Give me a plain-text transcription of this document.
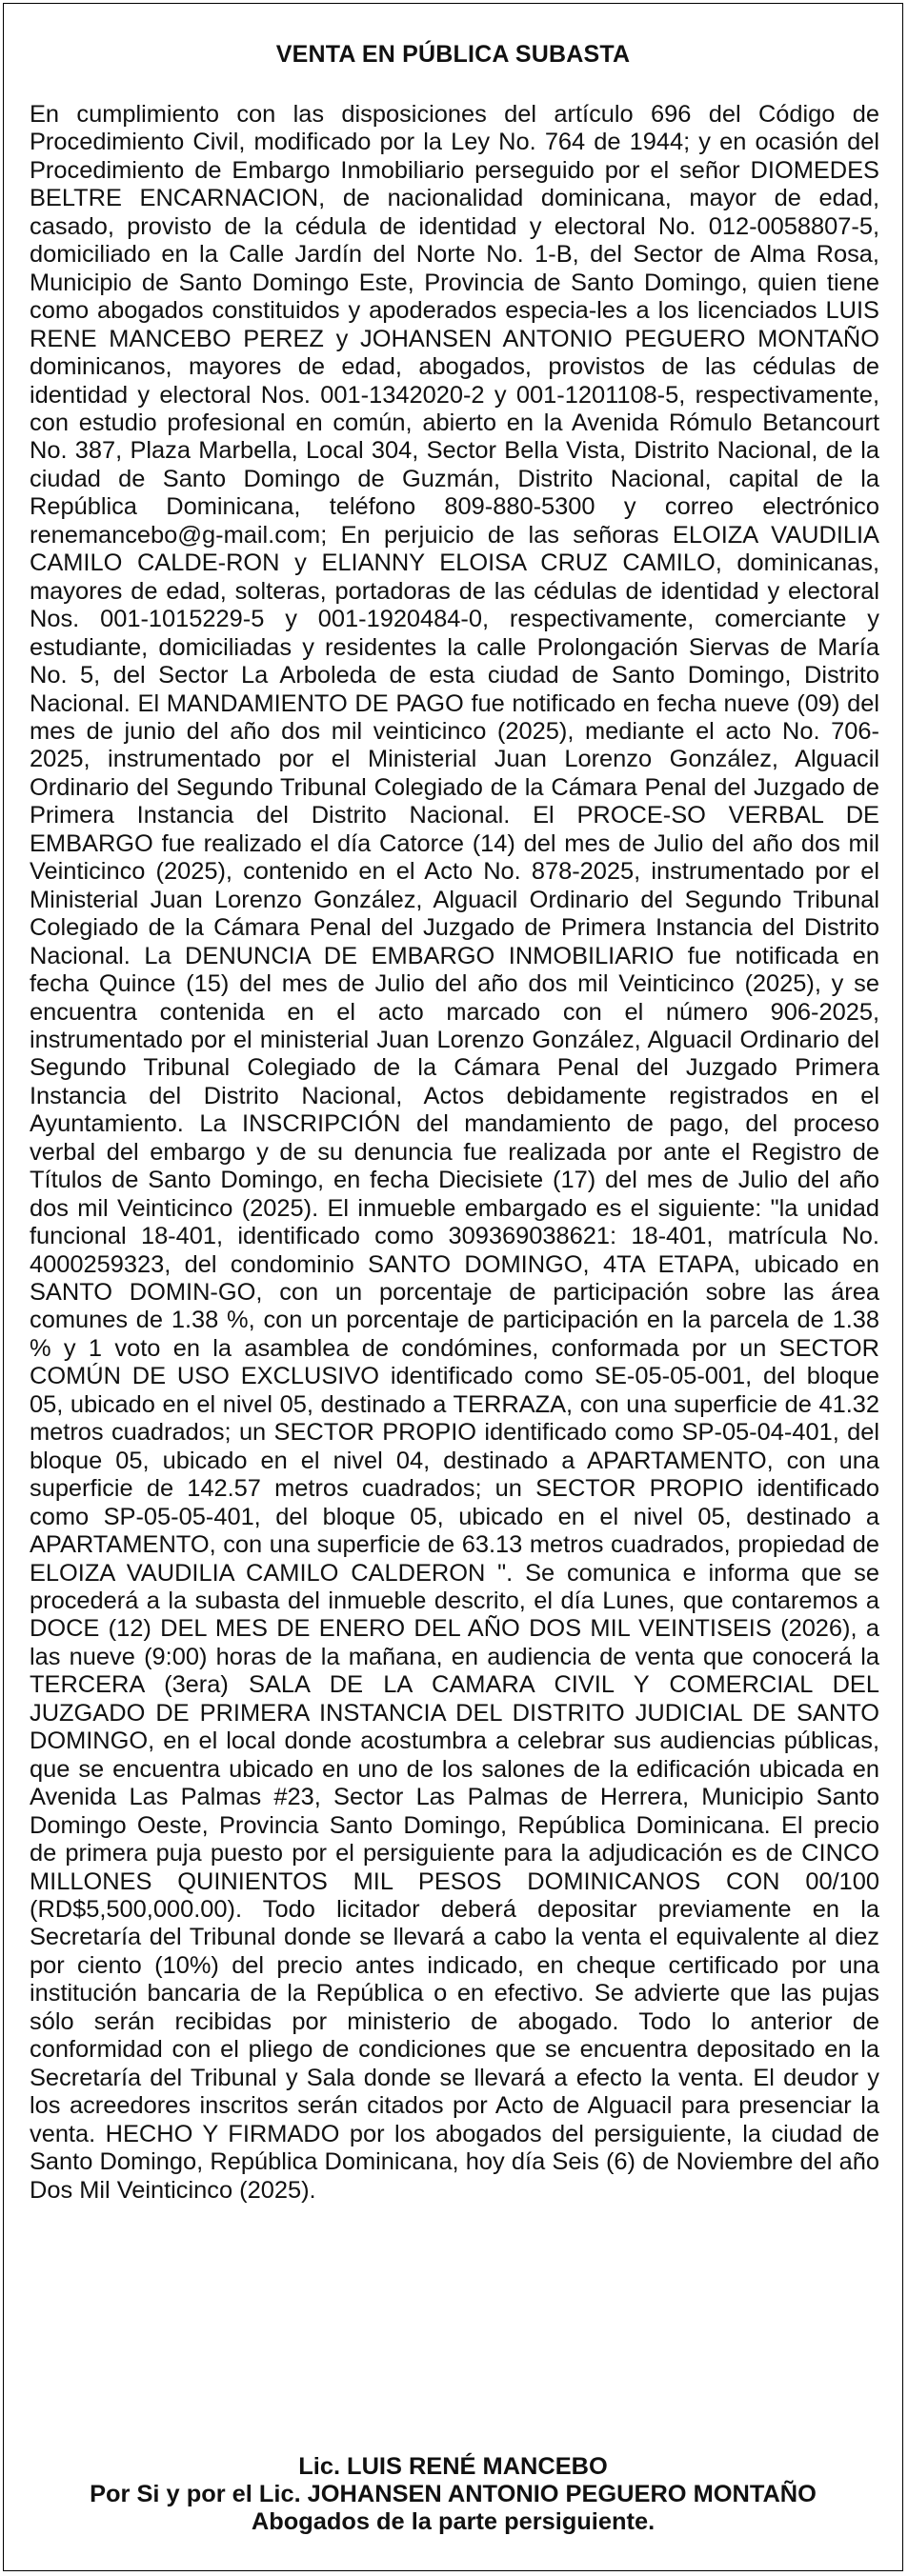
VENTA EN PÚBLICA SUBASTA

En cumplimiento con las disposiciones del artículo 696 del Código de Procedimiento Civil, modificado por la Ley No. 764 de 1944; y en ocasión del Procedimiento de Embargo Inmobiliario perseguido por el señor DIOMEDES BELTRE ENCARNACION, de nacionalidad dominicana, mayor de edad, casado, provisto de la cédula de identidad y electoral No. 012-0058807-5, domiciliado en la Calle Jardín del Norte No. 1-B, del Sector de Alma Rosa, Municipio de Santo Domingo Este, Provincia de Santo Domingo, quien tiene como abogados constituidos y apoderados especia-les a los licenciados LUIS RENE MANCEBO PEREZ y JOHANSEN ANTONIO PEGUERO MONTAÑO dominicanos, mayores de edad, abogados, provistos de las cédulas de identidad y electoral Nos. 001-1342020-2 y 001-1201108-5, respectivamente, con estudio profesional en común, abierto en la Avenida Rómulo Betancourt No. 387, Plaza Marbella, Local 304, Sector Bella Vista, Distrito Nacional, de la ciudad de Santo Domingo de Guzmán, Distrito Nacional, capital de la República Dominicana, teléfono 809-880-5300 y correo electrónico renemancebo@g-mail.com; En perjuicio de las señoras ELOIZA VAUDILIA CAMILO CALDE-RON y ELIANNY ELOISA CRUZ CAMILO, dominicanas, mayores de edad, solteras, portadoras de las cédulas de identidad y electoral Nos. 001-1015229-5 y 001-1920484-0, respectivamente, comerciante y estudiante, domiciliadas y residentes la calle Prolongación Siervas de María No. 5, del Sector La Arboleda de esta ciudad de Santo Domingo, Distrito Nacional. El MANDAMIENTO DE PAGO fue notificado en fecha nueve (09) del mes de junio del año dos mil veinticinco (2025), mediante el acto No. 706-2025, instrumentado por el Ministerial Juan Lorenzo González, Alguacil Ordinario del Segundo Tribunal Colegiado de la Cámara Penal del Juzgado de Primera Instancia del Distrito Nacional. El PROCE-SO VERBAL DE EMBARGO fue realizado el día Catorce (14) del mes de Julio del año dos mil Veinticinco (2025), contenido en el Acto No. 878-2025, instrumentado por el Ministerial Juan Lorenzo González, Alguacil Ordinario del Segundo Tribunal Colegiado de la Cámara Penal del Juzgado de Primera Instancia del Distrito Nacional. La DENUNCIA DE EMBARGO INMOBILIARIO fue notificada en fecha Quince (15) del mes de Julio del año dos mil Veinticinco (2025), y se encuentra contenida en el acto marcado con el número 906-2025, instrumentado por el ministerial Juan Lorenzo González, Alguacil Ordinario del Segundo Tribunal Colegiado de la Cámara Penal del Juzgado Primera Instancia del Distrito Nacional, Actos debidamente registrados en el Ayuntamiento. La INSCRIPCIÓN del mandamiento de pago, del proceso verbal del embargo y de su denuncia fue realizada por ante el Registro de Títulos de Santo Domingo, en fecha Diecisiete (17) del mes de Julio del año dos mil Veinticinco (2025). El inmueble embargado es el siguiente: "la unidad funcional 18-401, identificado como 309369038621: 18-401, matrícula No. 4000259323, del condominio SANTO DOMINGO, 4TA ETAPA, ubicado en SANTO DOMIN-GO, con un porcentaje de participación sobre las área comunes de 1.38 %, con un porcentaje de participación en la parcela de 1.38 % y 1 voto en la asamblea de condómines, conformada por un SECTOR COMÚN DE USO EXCLUSIVO identificado como SE-05-05-001, del bloque 05, ubicado en el nivel 05, destinado a TERRAZA, con una superficie de 41.32 metros cuadrados; un SECTOR PROPIO identificado como SP-05-04-401, del bloque 05, ubicado en el nivel 04, destinado a APARTAMENTO, con una superficie de 142.57 metros cuadrados; un SECTOR PROPIO identificado como SP-05-05-401, del bloque 05, ubicado en el nivel 05, destinado a APARTAMENTO, con una superficie de 63.13 metros cuadrados, propiedad de ELOIZA VAUDILIA CAMILO CALDERON ". Se comunica e informa que se procederá a la subasta del inmueble descrito, el día Lunes, que contaremos a DOCE (12) DEL MES DE ENERO DEL AÑO DOS MIL VEINTISEIS (2026), a las nueve (9:00) horas de la mañana, en audiencia de venta que conocerá la TERCERA (3era) SALA DE LA CAMARA CIVIL Y COMERCIAL DEL JUZGADO DE PRIMERA INSTANCIA DEL DISTRITO JUDICIAL DE SANTO DOMINGO, en el local donde acostumbra a celebrar sus audiencias públicas, que se encuentra ubicado en uno de los salones de la edificación ubicada en Avenida Las Palmas #23, Sector Las Palmas de Herrera, Municipio Santo Domingo Oeste, Provincia Santo Domingo, República Dominicana. El precio de primera puja puesto por el persiguiente para la adjudicación es de CINCO MILLONES QUINIENTOS MIL PESOS DOMINICANOS CON 00/100 (RD$5,500,000.00). Todo licitador deberá depositar previamente en la Secretaría del Tribunal donde se llevará a cabo la venta el equivalente al diez por ciento (10%) del precio antes indicado, en cheque certificado por una institución bancaria de la República o en efectivo. Se advierte que las pujas sólo serán recibidas por ministerio de abogado. Todo lo anterior de conformidad con el pliego de condiciones que se encuentra depositado en la Secretaría del Tribunal y Sala donde se llevará a efecto la venta. El deudor y los acreedores inscritos serán citados por Acto de Alguacil para presenciar la venta. HECHO Y FIRMADO por los abogados del persiguiente, la ciudad de Santo Domingo, República Dominicana, hoy día Seis (6) de Noviembre del año Dos Mil Veinticinco (2025).

Lic. LUIS RENÉ MANCEBO
Por Si y por el Lic. JOHANSEN ANTONIO PEGUERO MONTAÑO
Abogados de la parte persiguiente.
